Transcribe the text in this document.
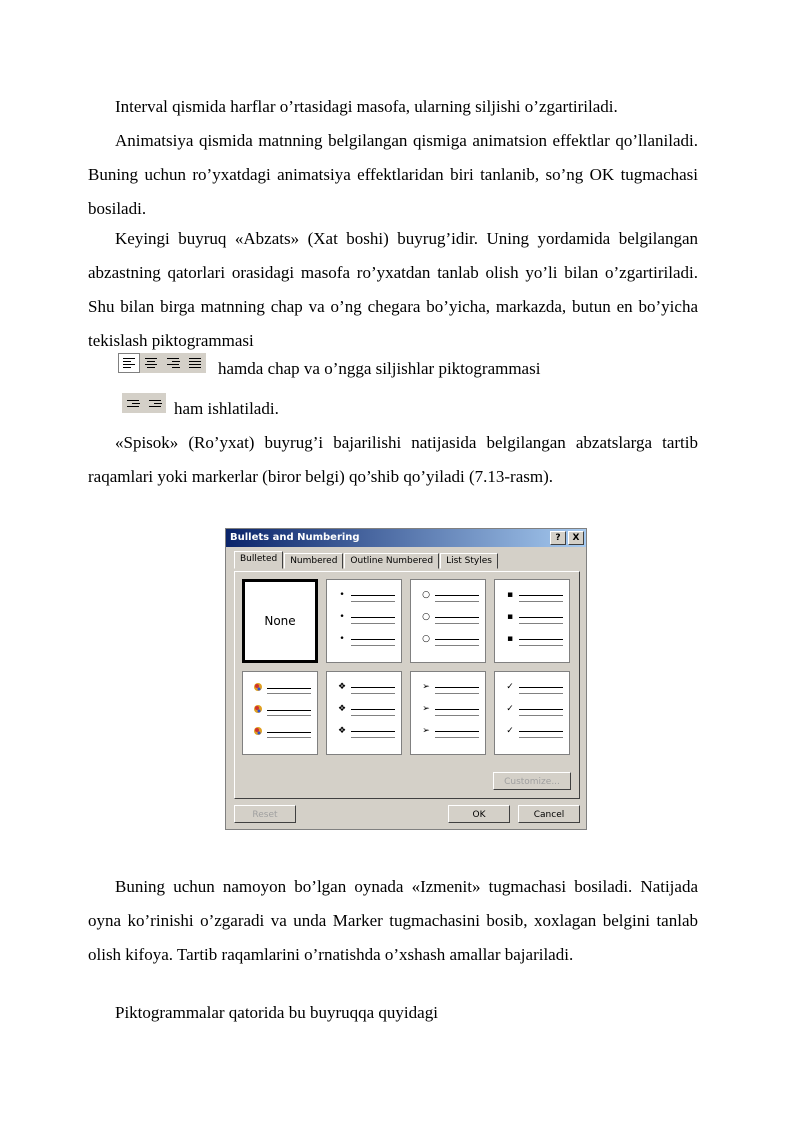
Interval qismida harflar o’rtasidagi masofa, ularning siljishi o’zgartiriladi.

Animatsiya qismida matnning belgilangan qismiga animatsion effektlar qo’llaniladi. Buning uchun ro’yxatdagi animatsiya effektlaridan biri tanlanib, so’ng OK tugmachasi bosiladi.

Keyingi buyruq «Abzats» (Xat boshi) buyrug’idir. Uning yordamida belgilangan abzastning qatorlari orasidagi masofa ro’yxatdan tanlab olish yo’li bilan o’zgartiriladi. Shu bilan birga matnning chap va o’ng chegara bo’yicha, markazda, butun en bo’yicha tekislash piktogrammasi

hamda chap va o’ngga siljishlar piktogrammasi
ham ishlatiladi.

«Spisok» (Ro’yxat) buyrug’i bajarilishi natijasida belgilangan abzatslarga tartib raqamlari yoki markerlar (biror belgi) qo’shib qo’yiladi (7.13-rasm).

Bullets and Numbering	?	X
Bulleted	Numbered	Outline Numbered	List Styles
None
•
•
•
○
○
○
▪
▪
▪
❖
❖
❖
➢
➢
➢
✓
✓
✓
Customize...
Reset	OK	Cancel

Buning uchun namoyon bo’lgan oynada «Izmenit» tugmachasi bosiladi. Natijada oyna ko’rinishi o’zgaradi va unda Marker tugmachasini bosib, xoxlagan belgini tanlab olish kifoya. Tartib raqamlarini o’rnatishda o’xshash amallar bajariladi.

Piktogrammalar qatorida bu buyruqqa quyidagi
